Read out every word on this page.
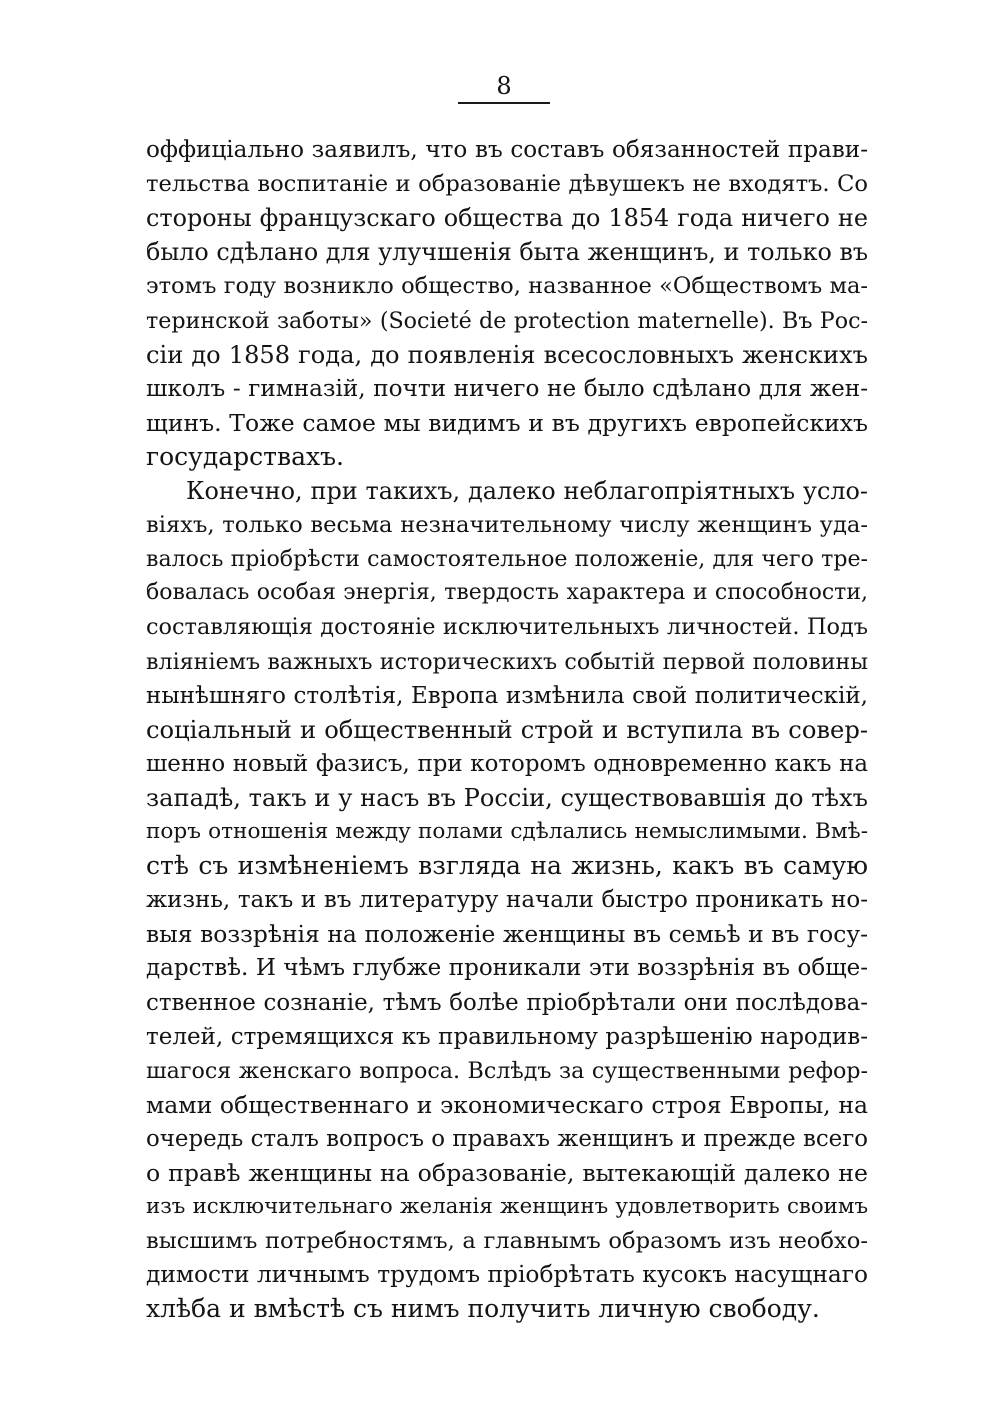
8
оффиціально заявилъ, что въ составъ обязанностей прави-
тельства воспитаніе и образованіе дѣвушекъ не входятъ. Со
стороны французскаго общества до 1854 года ничего не
было сдѣлано для улучшенія быта женщинъ, и только въ
этомъ году возникло общество, названное «Обществомъ ма-
теринской заботы» (Societé de protection maternelle). Въ Рос-
сіи до 1858 года, до появленія всесословныхъ женскихъ
школъ - гимназій, почти ничего не было сдѣлано для жен-
щинъ. Тоже самое мы видимъ и въ другихъ европейскихъ
государствахъ.
Конечно, при такихъ, далеко неблагопріятныхъ усло-
віяхъ, только весьма незначительному числу женщинъ уда-
валось пріобрѣсти самостоятельное положеніе, для чего тре-
бовалась особая энергія, твердость характера и способности,
составляющія достояніе исключительныхъ личностей. Подъ
вліяніемъ важныхъ историческихъ событій первой половины
нынѣшняго столѣтія, Европа измѣнила свой политическій,
соціальный и общественный строй и вступила въ совер-
шенно новый фазисъ, при которомъ одновременно какъ на
западѣ, такъ и у насъ въ Россіи, существовавшія до тѣхъ
поръ отношенія между полами сдѣлались немыслимыми. Вмѣ-
стѣ съ измѣненіемъ взгляда на жизнь, какъ въ самую
жизнь, такъ и въ литературу начали быстро проникать но-
выя воззрѣнія на положеніе женщины въ семьѣ и въ госу-
дарствѣ. И чѣмъ глубже проникали эти воззрѣнія въ обще-
ственное сознаніе, тѣмъ болѣе пріобрѣтали они послѣдова-
телей, стремящихся къ правильному разрѣшенію народив-
шагося женскаго вопроса. Вслѣдъ за существенными рефор-
мами общественнаго и экономическаго строя Европы, на
очередь сталъ вопросъ о правахъ женщинъ и прежде всего
о правѣ женщины на образованіе, вытекающій далеко не
изъ исключительнаго желанія женщинъ удовлетворить своимъ
высшимъ потребностямъ, а главнымъ образомъ изъ необхо-
димости личнымъ трудомъ пріобрѣтать кусокъ насущнаго
хлѣба и вмѣстѣ съ нимъ получить личную свободу.
